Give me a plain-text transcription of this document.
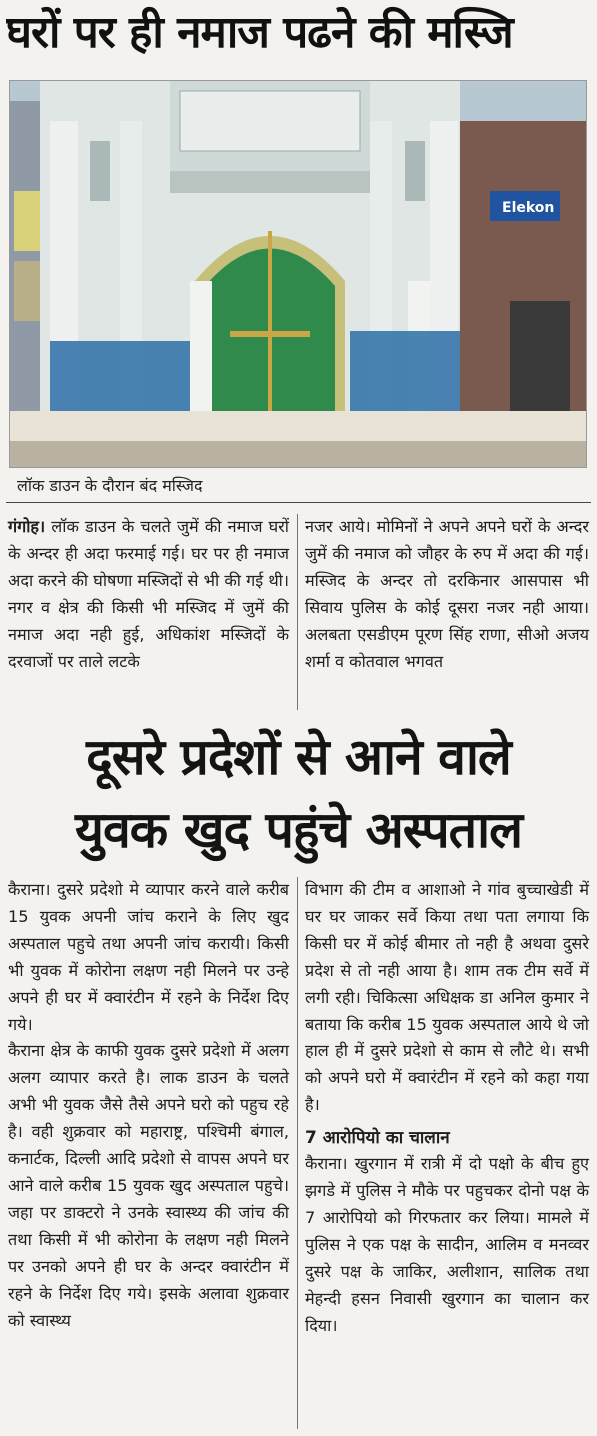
घरों पर ही नमाज पढने की मस्जि
Elekon
लॉक डाउन के दौरान बंद मस्जिद

गंगोह। लॉक डाउन के चलते जुमें की नमाज घरों के अन्दर ही अदा फरमाई गई। घर पर ही नमाज अदा करने की घोषणा मस्जिदों से भी की गई थी। नगर व क्षेत्र की किसी भी मस्जिद में जुमें की नमाज अदा नही हुई, अधिकांश मस्जिदों के दरवाजों पर ताले लटके

नजर आये। मोमिनों ने अपने अपने घरों के अन्दर जुमें की नमाज को जौहर के रुप में अदा की गई। मस्जिद के अन्दर तो दरकिनार आसपास भी सिवाय पुलिस के कोई दूसरा नजर नही आया। अलबता एसडीएम पूरण सिंह राणा, सीओ अजय शर्मा व कोतवाल भगवत

दूसरे प्रदेशों से आने वाले
युवक खुद पहुंचे अस्पताल

कैराना। दुसरे प्रदेशो मे व्यापार करने वाले करीब 15 युवक अपनी जांच कराने के लिए खुद अस्पताल पहुचे तथा अपनी जांच करायी। किसी भी युवक में कोरोना लक्षण नही मिलने पर उन्हे अपने ही घर में क्वारंटीन में रहने के निर्देश दिए गये।

कैराना क्षेत्र के काफी युवक दुसरे प्रदेशो में अलग अलग व्यापार करते है। लाक डाउन के चलते अभी भी युवक जैसे तैसे अपने घरो को पहुच रहे है। वही शुक्रवार को महाराष्ट्र, पश्चिमी बंगाल, कनार्टक, दिल्ली आदि प्रदेशो से वापस अपने घर आने वाले करीब 15 युवक खुद अस्पताल पहुचे। जहा पर डाक्टरो ने उनके स्वास्थ्य की जांच की तथा किसी में भी कोरोना के लक्षण नही मिलने पर उनको अपने ही घर के अन्दर क्वारंटीन में रहने के निर्देश दिए गये। इसके अलावा शुक्रवार को स्वास्थ्य

विभाग की टीम व आशाओ ने गांव बुच्चाखेडी में घर घर जाकर सर्वे किया तथा पता लगाया कि किसी घर में कोई बीमार तो नही है अथवा दुसरे प्रदेश से तो नही आया है। शाम तक टीम सर्वे में लगी रही। चिकित्सा अधिक्षक डा अनिल कुमार ने बताया कि करीब 15 युवक अस्पताल आये थे जो हाल ही में दुसरे प्रदेशो से काम से लौटे थे। सभी को अपने घरो में क्वारंटीन में रहने को कहा गया है।

7 आरोपियो का चालान

कैराना। खुरगान में रात्री में दो पक्षो के बीच हुए झगडे में पुलिस ने मौके पर पहुचकर दोनो पक्ष के 7 आरोपियो को गिरफतार कर लिया। मामले में पुलिस ने एक पक्ष के सादीन, आलिम व मनव्वर दुसरे पक्ष के जाकिर, अलीशान, सालिक तथा मेहन्दी हसन निवासी खुरगान का चालान कर दिया।
